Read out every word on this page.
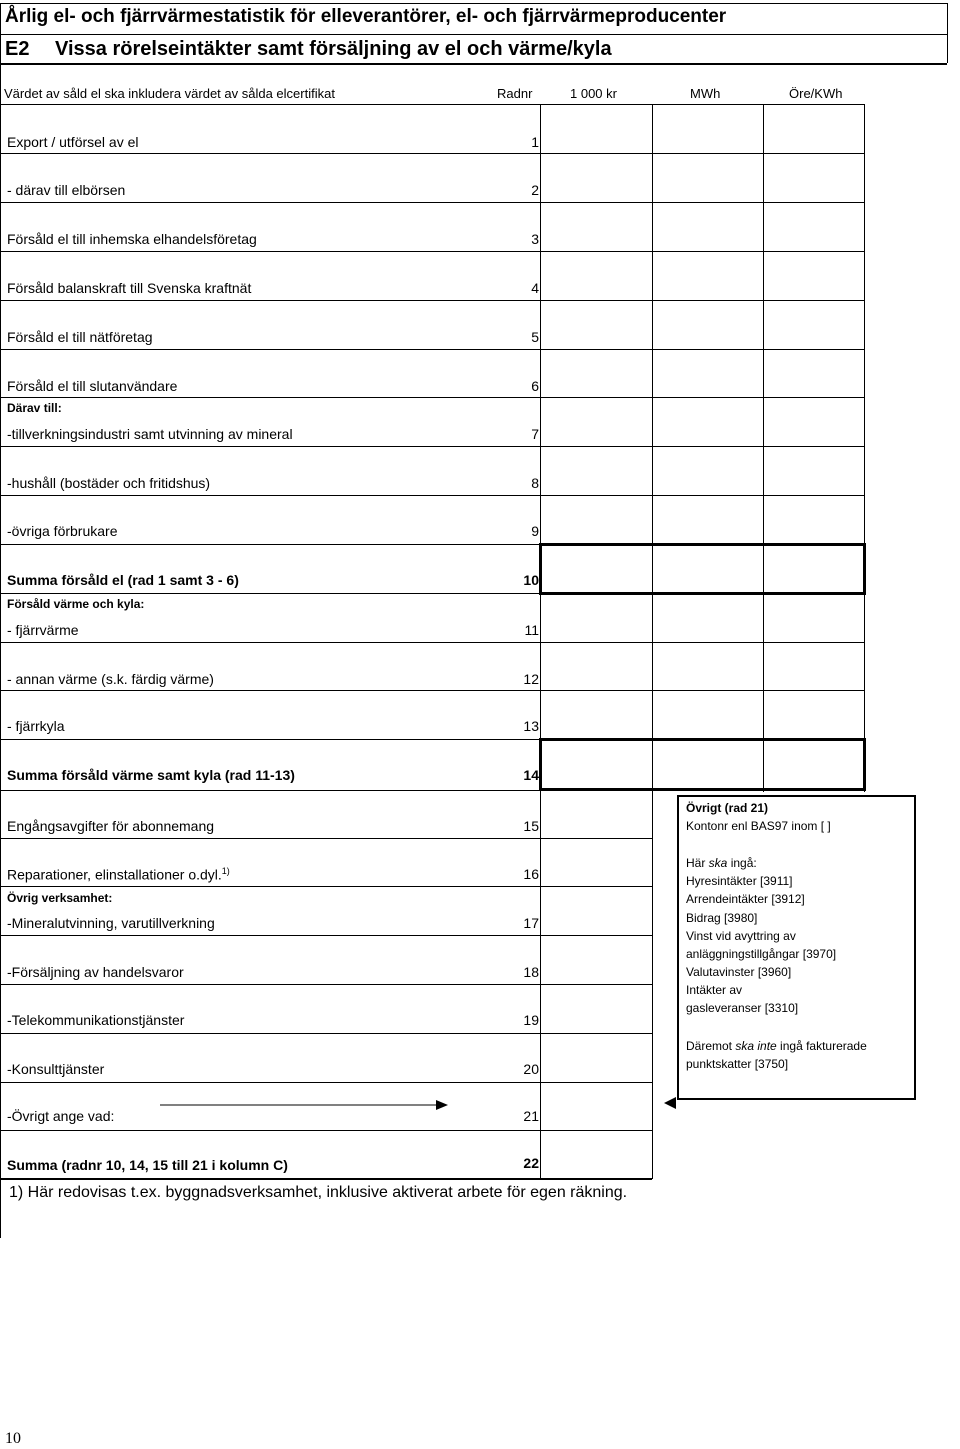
Årlig el- och fjärrvärmestatistik för elleverantörer, el- och fjärrvärmeproducenter
E2 Vissa rörelseintäkter samt försäljning av el och värme/kyla
Värdet av såld el ska inkludera värdet av sålda elcertifikat	Radnr	1 000 kr	MWh	Öre/KWh
Export / utförsel av el	1
- därav till elbörsen	2
Försåld el till inhemska elhandelsföretag	3
Försåld balanskraft till Svenska kraftnät	4
Försåld el till nätföretag	5
Försåld el till slutanvändare	6
Därav till:
-tillverkningsindustri samt utvinning av mineral	7
-hushåll (bostäder och fritidshus)	8
-övriga förbrukare	9
Summa försåld el (rad 1 samt 3 - 6)	10
Försåld värme och kyla:
- fjärrvärme	11
- annan värme (s.k. färdig värme)	12
- fjärrkyla	13
Summa försåld värme samt kyla (rad 11-13)	14
Engångsavgifter för abonnemang	15
Reparationer, elinstallationer o.dyl.$^{1)}$	16
Övrig verksamhet:
-Mineralutvinning, varutillverkning	17
-Försäljning av handelsvaror	18
-Telekommunikationstjänster	19
-Konsulttjänster	20
-Övrigt ange vad:	21
Summa (radnr 10, 14, 15 till 21 i kolumn C)	22
Övrigt (rad 21)
Kontonr enl BAS97 inom [ ]
Här ska ingå:
Hyresintäkter [3911]
Arrendeintäkter [3912]
Bidrag [3980]
Vinst vid avyttring av
anläggningstillgångar [3970]
Valutavinster [3960]
Intäkter av
gasleveranser [3310]
Däremot ska inte ingå fakturerade
punktskatter [3750]
1) Här redovisas t.ex. byggnadsverksamhet, inklusive aktiverat arbete för egen räkning.
10
